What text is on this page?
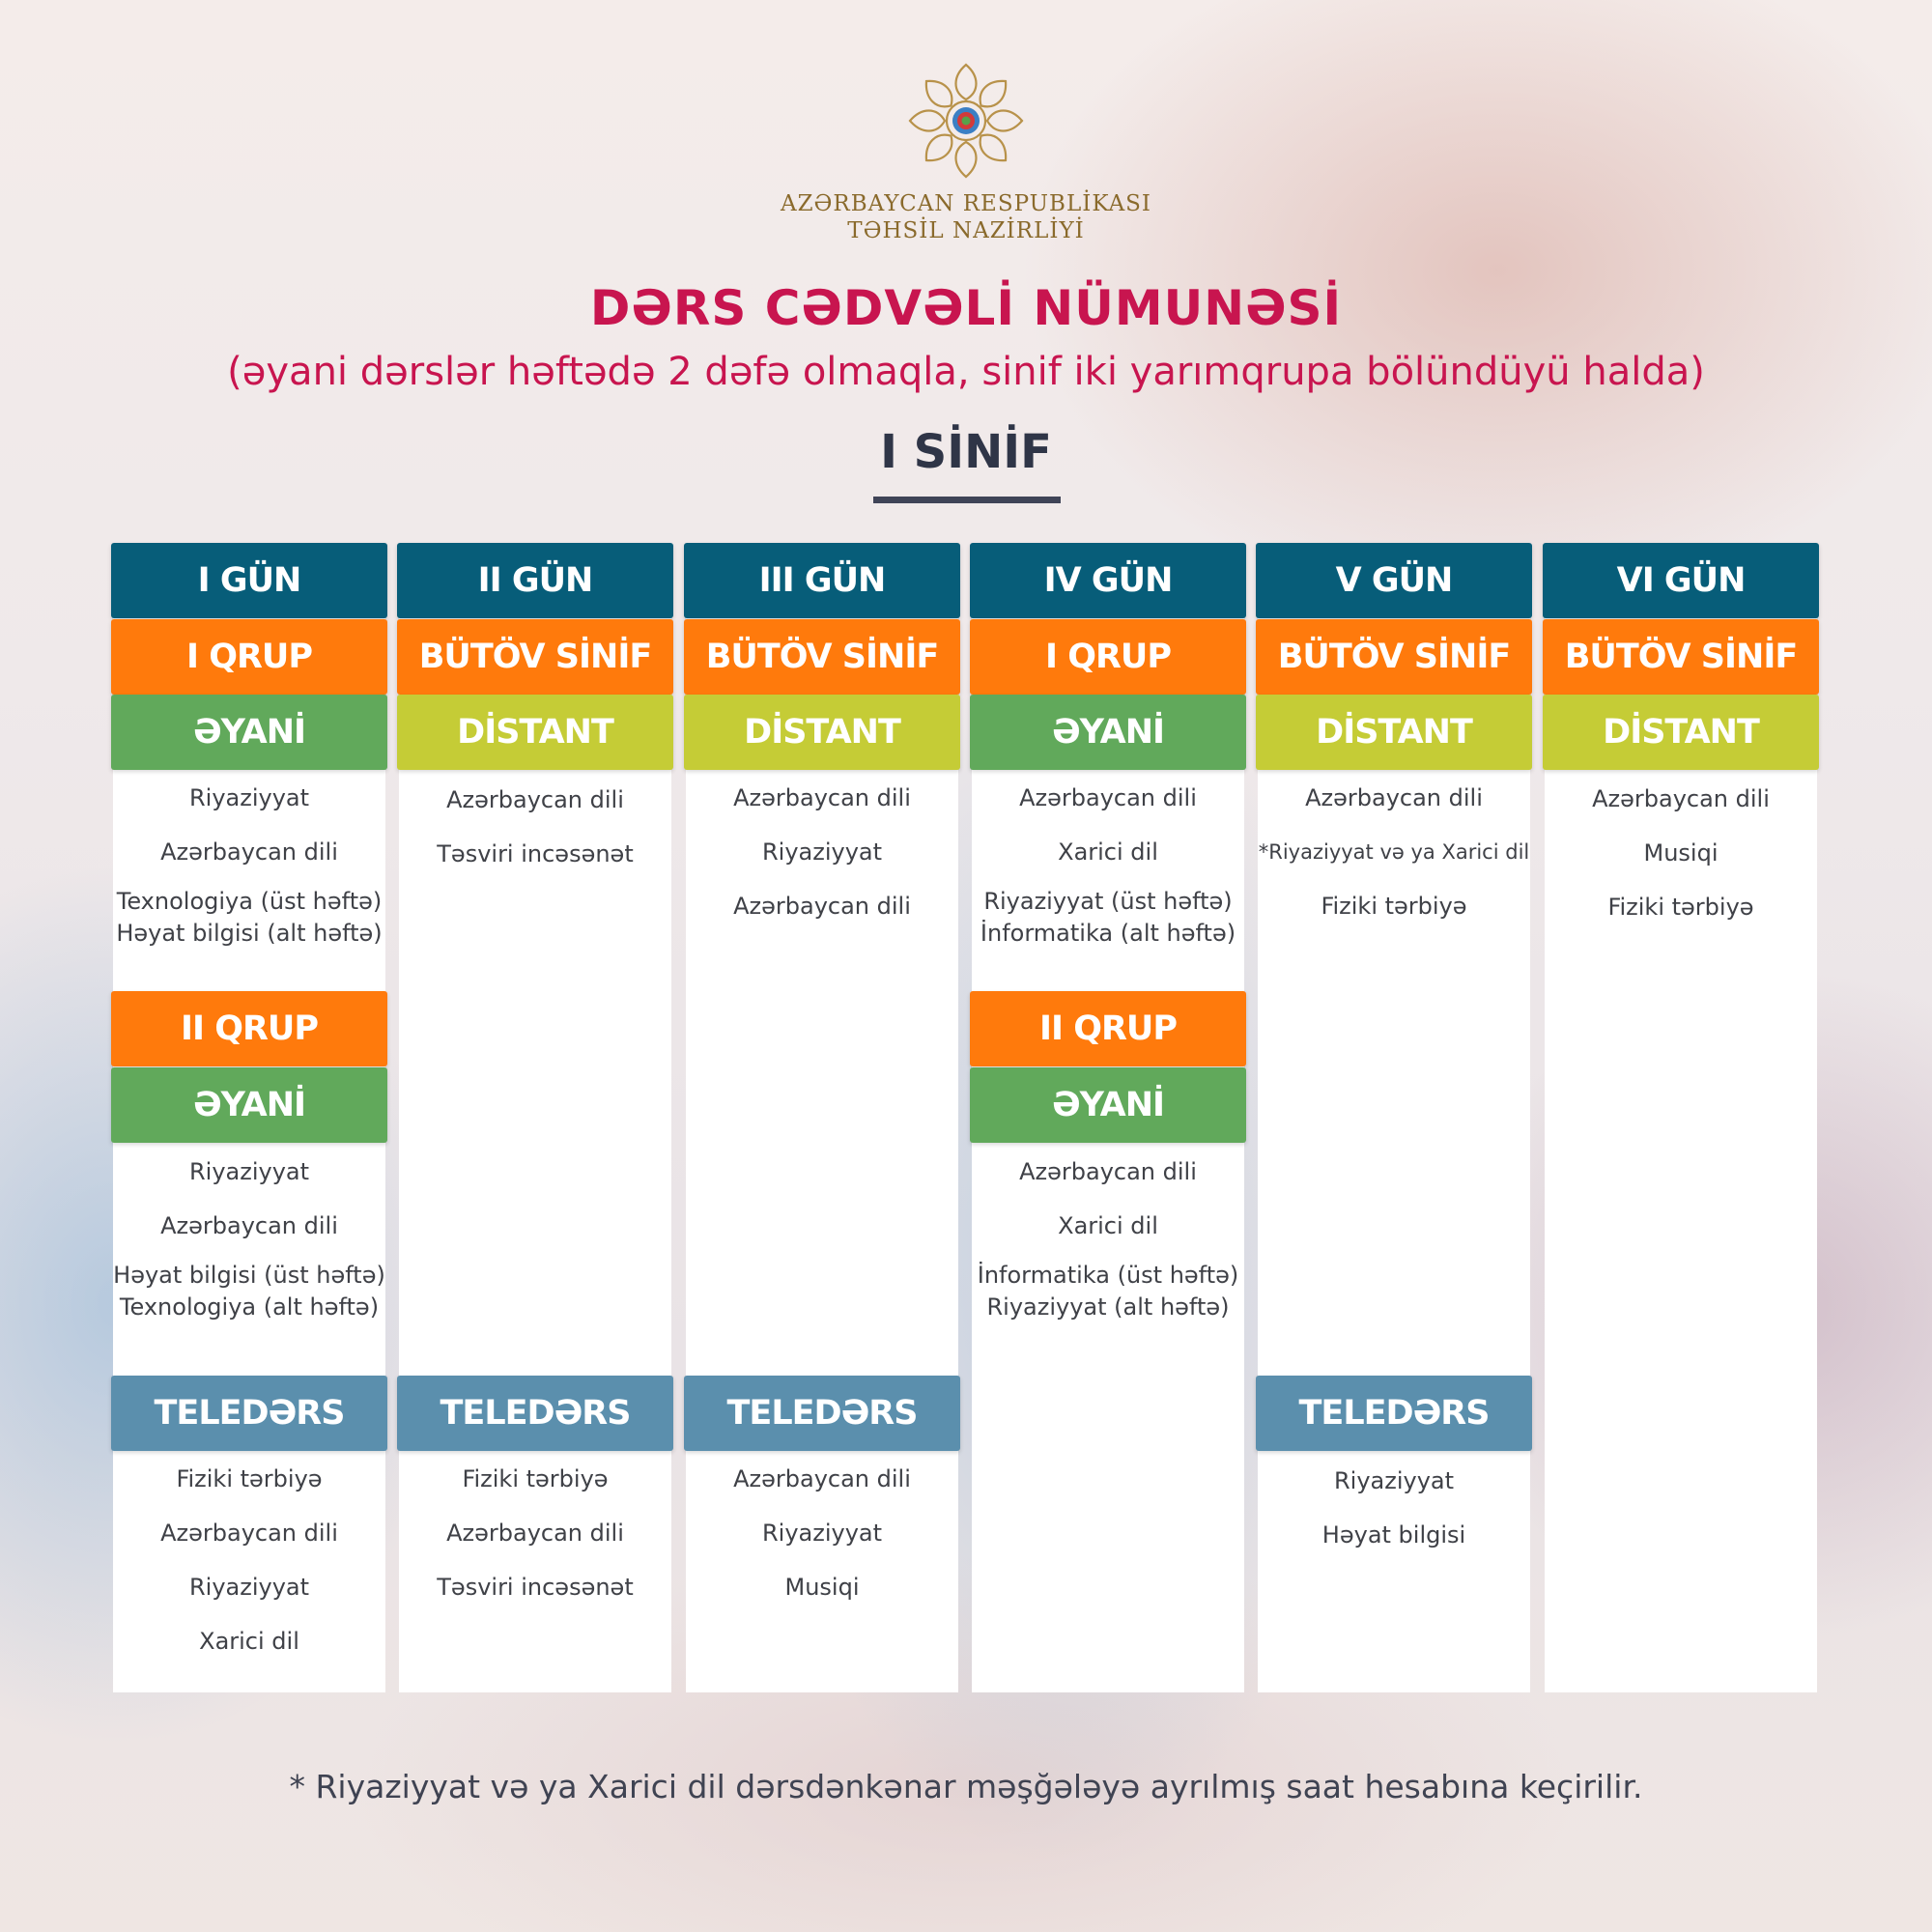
AZƏRBAYCAN RESPUBLİKASI
TƏHSİL NAZİRLİYİ
DƏRS CƏDVƏLİ NÜMUNƏSİ
(əyani dərslər həftədə 2 dəfə olmaqla, sinif iki yarımqrupa bölündüyü halda)
I SİNİF
I GÜN
I QRUP
ƏYANİ
Riyaziyyat
Azərbaycan dili
Texnologiya (üst həftə)
Həyat bilgisi (alt həftə)
II QRUP
ƏYANİ
Riyaziyyat
Azərbaycan dili
Həyat bilgisi (üst həftə)
Texnologiya (alt həftə)
TELEDƏRS
Fiziki tərbiyə
Azərbaycan dili
Riyaziyyat
Xarici dil
II GÜN
BÜTÖV SİNİF
DİSTANT
Azərbaycan dili
Təsviri incəsənət
TELEDƏRS
Fiziki tərbiyə
Azərbaycan dili
Təsviri incəsənət
III GÜN
BÜTÖV SİNİF
DİSTANT
Azərbaycan dili
Riyaziyyat
Azərbaycan dili
TELEDƏRS
Azərbaycan dili
Riyaziyyat
Musiqi
IV GÜN
I QRUP
ƏYANİ
Azərbaycan dili
Xarici dil
Riyaziyyat (üst həftə)
İnformatika (alt həftə)
II QRUP
ƏYANİ
Azərbaycan dili
Xarici dil
İnformatika (üst həftə)
Riyaziyyat (alt həftə)
V GÜN
BÜTÖV SİNİF
DİSTANT
Azərbaycan dili
*Riyaziyyat və ya Xarici dil
Fiziki tərbiyə
TELEDƏRS
Riyaziyyat
Həyat bilgisi
VI GÜN
BÜTÖV SİNİF
DİSTANT
Azərbaycan dili
Musiqi
Fiziki tərbiyə
* Riyaziyyat və ya Xarici dil dərsdənkənar məşğələyə ayrılmış saat hesabına keçirilir.
